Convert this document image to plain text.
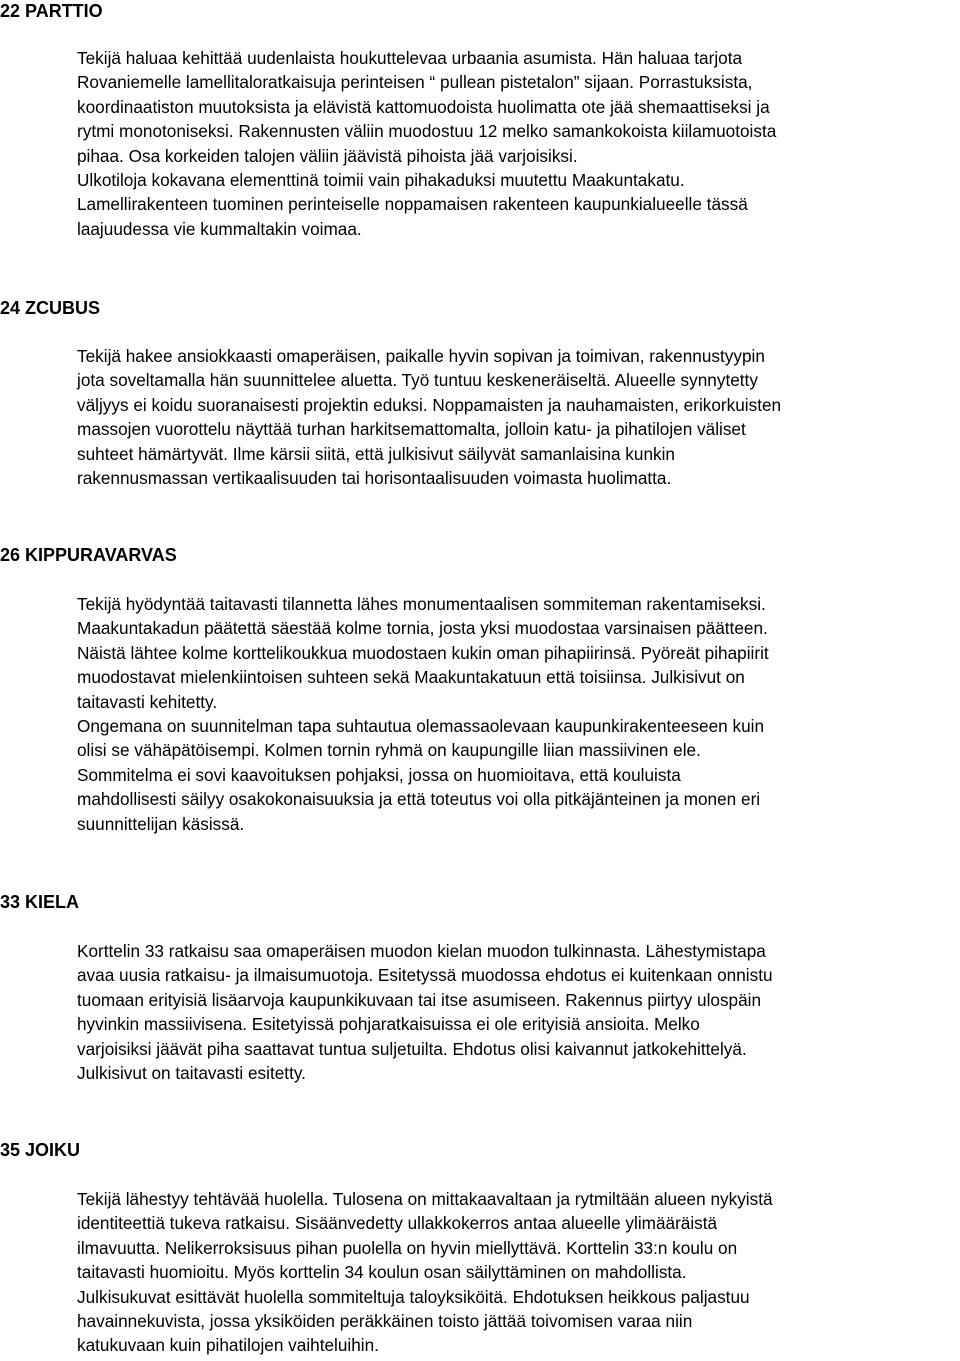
22 PARTTIO
Tekijä haluaa kehittää uudenlaista houkuttelevaa urbaania asumista. Hän haluaa tarjota
Rovaniemelle lamellitaloratkaisuja perinteisen “ pullean pistetalon” sijaan. Porrastuksista,
koordinaatiston muutoksista ja elävistä kattomuodoista huolimatta ote jää shemaattiseksi ja
rytmi monotoniseksi. Rakennusten väliin muodostuu 12 melko samankokoista kiilamuotoista
pihaa. Osa korkeiden talojen väliin jäävistä pihoista jää varjoisiksi.
Ulkotiloja kokavana elementtinä toimii vain pihakaduksi muutettu Maakuntakatu.
Lamellirakenteen tuominen perinteiselle noppamaisen rakenteen kaupunkialueelle tässä
laajuudessa vie kummaltakin voimaa.
24 ZCUBUS
Tekijä hakee ansiokkaasti omaperäisen, paikalle hyvin sopivan ja toimivan, rakennustyypin
jota soveltamalla hän suunnittelee aluetta. Työ tuntuu keskeneräiseltä. Alueelle synnytetty
väljyys ei koidu suoranaisesti projektin eduksi. Noppamaisten ja nauhamaisten, erikorkuisten
massojen vuorottelu näyttää turhan harkitsemattomalta, jolloin katu- ja pihatilojen väliset
suhteet hämärtyvät. Ilme kärsii siitä, että julkisivut säilyvät samanlaisina kunkin
rakennusmassan vertikaalisuuden tai horisontaalisuuden voimasta huolimatta.
26 KIPPURAVARVAS
Tekijä hyödyntää taitavasti tilannetta lähes monumentaalisen sommiteman rakentamiseksi.
Maakuntakadun päätettä säestää kolme tornia, josta yksi muodostaa varsinaisen päätteen.
Näistä lähtee kolme korttelikoukkua muodostaen kukin oman pihapiirinsä. Pyöreät pihapiirit
muodostavat mielenkiintoisen suhteen sekä Maakuntakatuun että toisiinsa. Julkisivut on
taitavasti kehitetty.
Ongemana on suunnitelman tapa suhtautua olemassaolevaan kaupunkirakenteeseen kuin
olisi se vähäpätöisempi. Kolmen tornin ryhmä on kaupungille liian massiivinen ele.
Sommitelma ei sovi kaavoituksen pohjaksi, jossa on huomioitava, että kouluista
mahdollisesti säilyy osakokonaisuuksia ja että toteutus voi olla pitkäjänteinen ja monen eri
suunnittelijan käsissä.
33 KIELA
Korttelin 33 ratkaisu saa omaperäisen muodon kielan muodon tulkinnasta. Lähestymistapa
avaa uusia ratkaisu- ja ilmaisumuotoja. Esitetyssä muodossa ehdotus ei kuitenkaan onnistu
tuomaan erityisiä lisäarvoja kaupunkikuvaan tai itse asumiseen. Rakennus piirtyy ulospäin
hyvinkin massiivisena. Esitetyissä pohjaratkaisuissa ei ole erityisiä ansioita. Melko
varjoisiksi jäävät piha saattavat tuntua suljetuilta. Ehdotus olisi kaivannut jatkokehittelyä.
Julkisivut on taitavasti esitetty.
35 JOIKU
Tekijä lähestyy tehtävää huolella. Tulosena on mittakaavaltaan ja rytmiltään alueen nykyistä
identiteettiä tukeva ratkaisu. Sisäänvedetty ullakkokerros antaa alueelle ylimääräistä
ilmavuutta. Nelikerroksisuus pihan puolella on hyvin miellyttävä. Korttelin 33:n koulu on
taitavasti huomioitu. Myös korttelin 34 koulun osan säilyttäminen on mahdollista.
Julkisukuvat esittävät huolella sommiteltuja taloyksiköitä. Ehdotuksen heikkous paljastuu
havainnekuvista, jossa yksiköiden peräkkäinen toisto jättää toivomisen varaa niin
katukuvaan kuin pihatilojen vaihteluihin.
